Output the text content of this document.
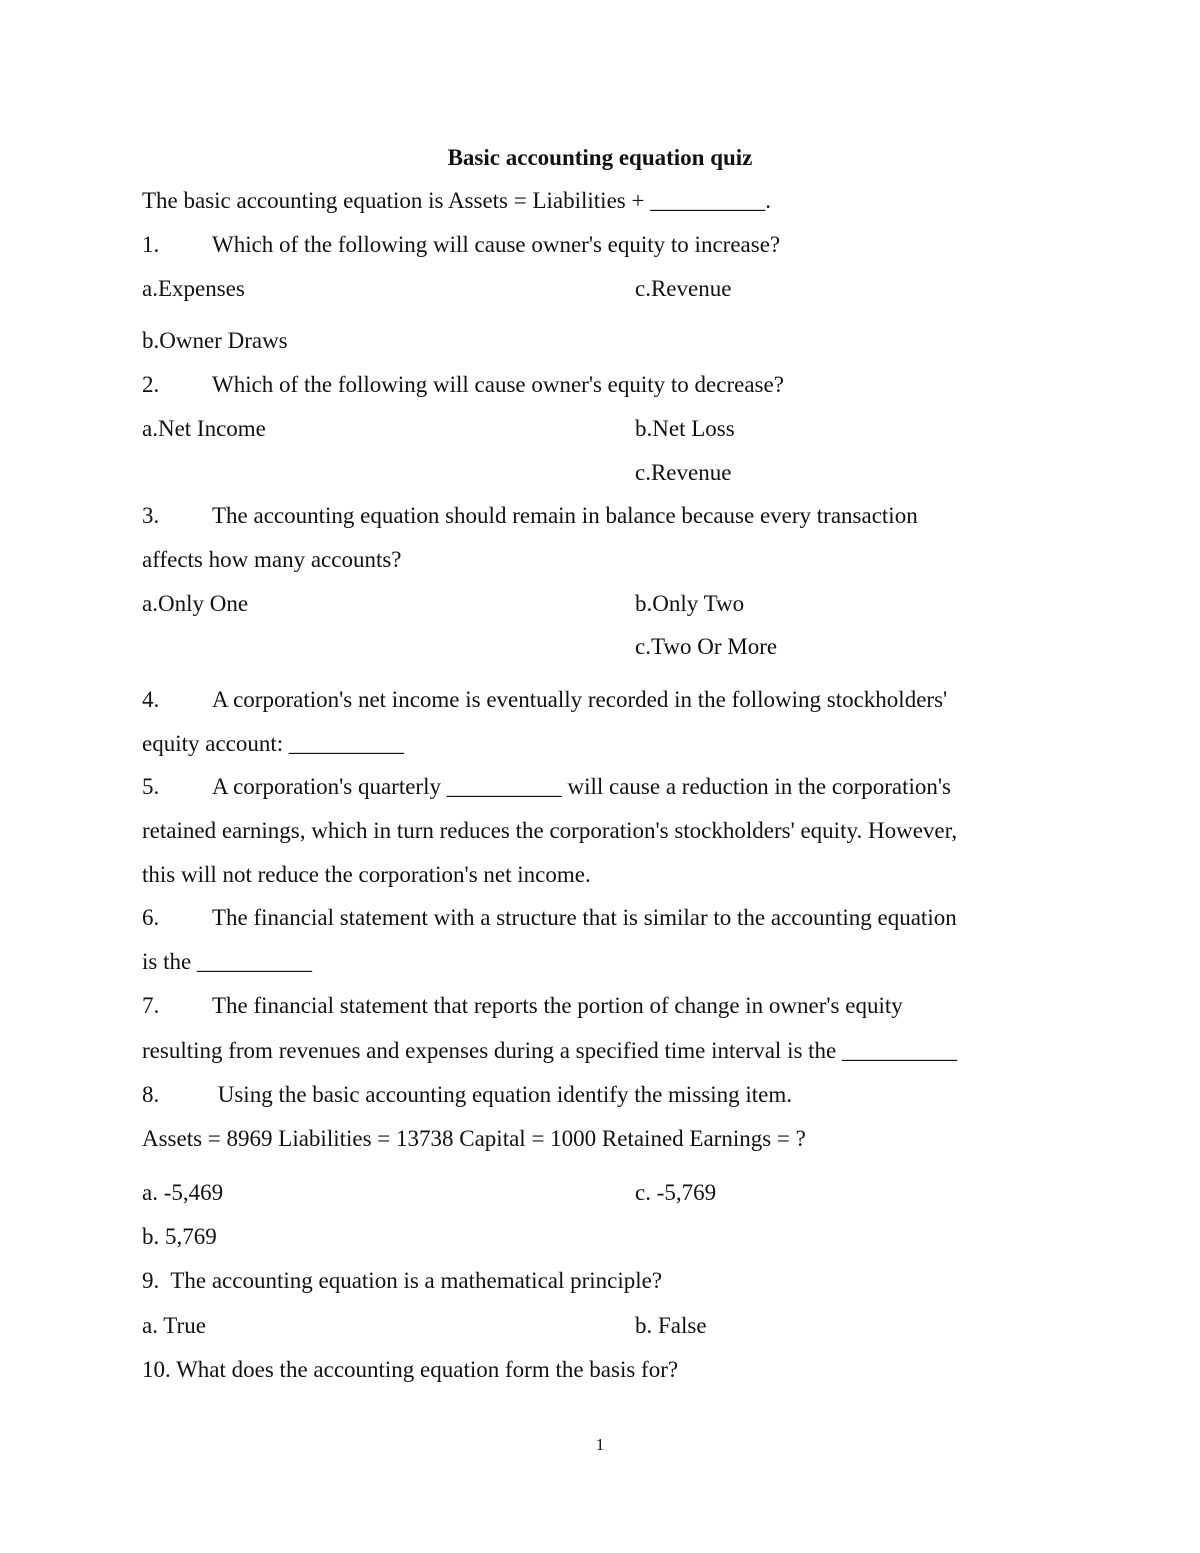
Basic accounting equation quiz
The basic accounting equation is Assets = Liabilities + __________.
1. Which of the following will cause owner's equity to increase?
a.Expenses	c.Revenue
b.Owner Draws
2. Which of the following will cause owner's equity to decrease?
a.Net Income	b.Net Loss
c.Revenue
3. The accounting equation should remain in balance because every transaction
affects how many accounts?
a.Only One	b.Only Two
c.Two Or More
4. A corporation's net income is eventually recorded in the following stockholders'
equity account: __________
5. A corporation's quarterly __________ will cause a reduction in the corporation's
retained earnings, which in turn reduces the corporation's stockholders' equity. However,
this will not reduce the corporation's net income.
6. The financial statement with a structure that is similar to the accounting equation
is the __________
7. The financial statement that reports the portion of change in owner's equity
resulting from revenues and expenses during a specified time interval is the __________
8. Using the basic accounting equation identify the missing item.
Assets = 8969 Liabilities = 13738 Capital = 1000 Retained Earnings = ?
a. -5,469	c. -5,769
b. 5,769
9.  The accounting equation is a mathematical principle?
a. True	b. False
10. What does the accounting equation form the basis for?
1
